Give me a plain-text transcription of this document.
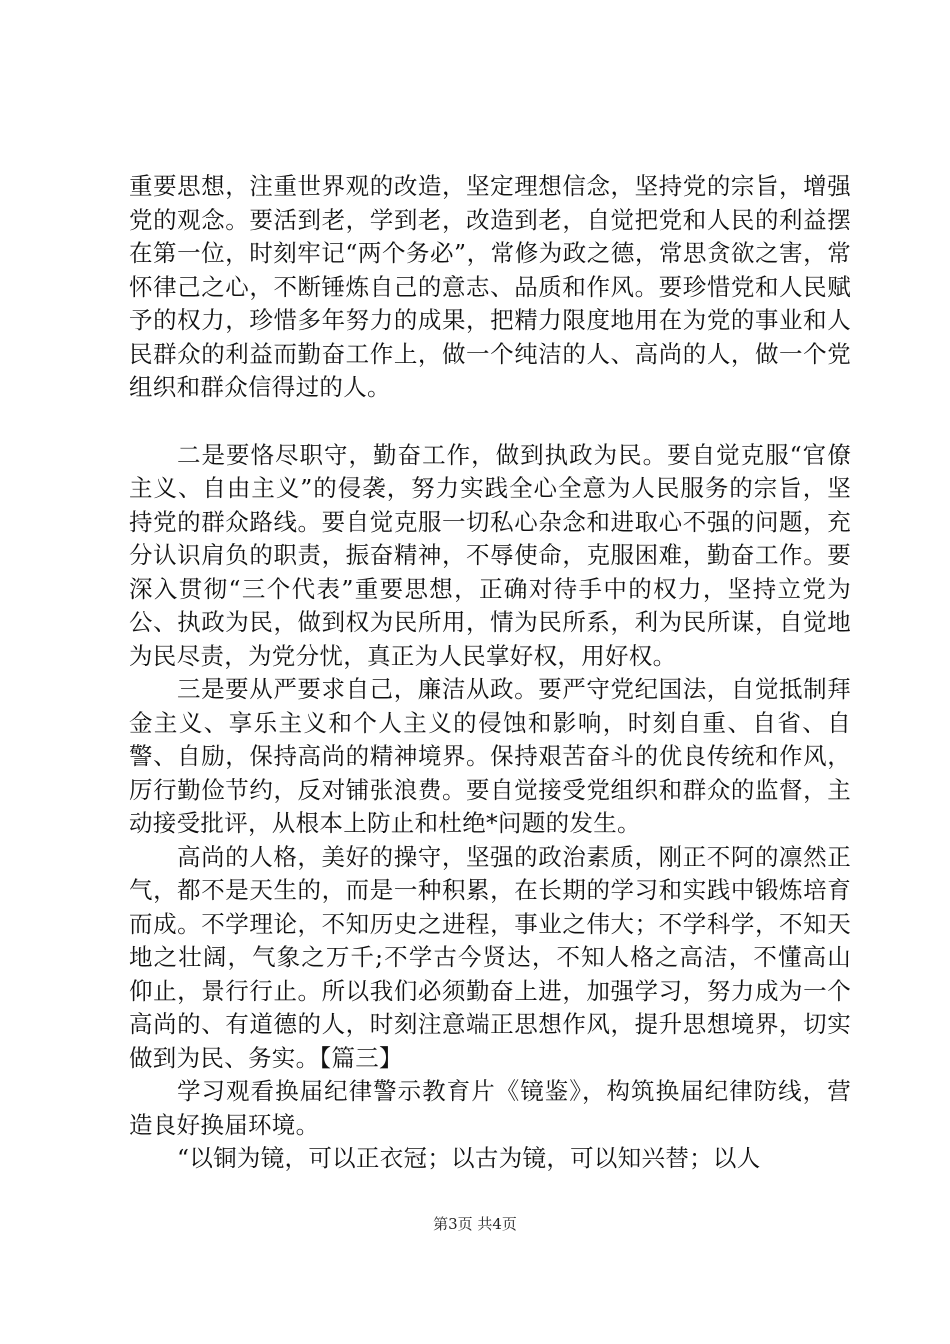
重要思想，注重世界观的改造，坚定理想信念，坚持党的宗旨，增强党的观念。要活到老，学到老，改造到老，自觉把党和人民的利益摆在第一位，时刻牢记“两个务必”，常修为政之德，常思贪欲之害，常怀律己之心，不断锤炼自己的意志、品质和作风。要珍惜党和人民赋予的权力，珍惜多年努力的成果，把精力限度地用在为党的事业和人民群众的利益而勤奋工作上，做一个纯洁的人、高尚的人，做一个党组织和群众信得过的人。

二是要恪尽职守，勤奋工作，做到执政为民。要自觉克服“官僚主义、自由主义”的侵袭，努力实践全心全意为人民服务的宗旨，坚持党的群众路线。要自觉克服一切私心杂念和进取心不强的问题，充分认识肩负的职责，振奋精神，不辱使命，克服困难，勤奋工作。要深入贯彻“三个代表”重要思想，正确对待手中的权力，坚持立党为公、执政为民，做到权为民所用，情为民所系，利为民所谋，自觉地为民尽责，为党分忧，真正为人民掌好权，用好权。

三是要从严要求自己，廉洁从政。要严守党纪国法，自觉抵制拜金主义、享乐主义和个人主义的侵蚀和影响，时刻自重、自省、自警、自励，保持高尚的精神境界。保持艰苦奋斗的优良传统和作风，厉行勤俭节约，反对铺张浪费。要自觉接受党组织和群众的监督，主动接受批评，从根本上防止和杜绝*问题的发生。

高尚的人格，美好的操守，坚强的政治素质，刚正不阿的凛然正气，都不是天生的，而是一种积累，在长期的学习和实践中锻炼培育而成。不学理论，不知历史之进程，事业之伟大；不学科学，不知天地之壮阔，气象之万千;不学古今贤达，不知人格之高洁，不懂高山仰止，景行行止。所以我们必须勤奋上进，加强学习，努力成为一个高尚的、有道德的人，时刻注意端正思想作风，提升思想境界，切实做到为民、务实。【篇三】

学习观看换届纪律警示教育片《镜鉴》，构筑换届纪律防线，营造良好换届环境。

“以铜为镜，可以正衣冠；以古为镜，可以知兴替；以人

第3页 共4页
